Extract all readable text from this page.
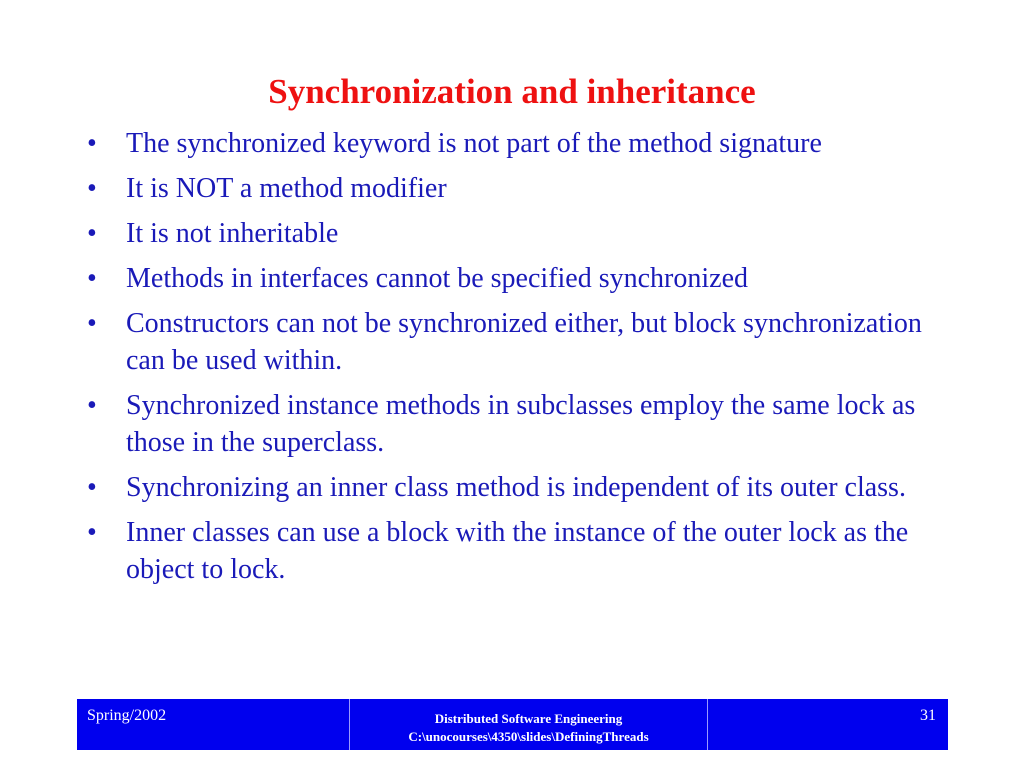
Synchronization and inheritance
• The synchronized keyword is not part of the method signature
• It is NOT a method modifier
• It is not inheritable
• Methods in interfaces cannot be specified synchronized
• Constructors can not be synchronized either, but block synchronization can be used within.
• Synchronized instance methods in subclasses employ the same lock as those in the superclass.
• Synchronizing an inner class method is independent of its outer class.
• Inner classes can use a block with the instance of the outer lock as the object to lock.
Spring/2002	Distributed Software Engineering
C:\unocourses\4350\slides\DefiningThreads
31
